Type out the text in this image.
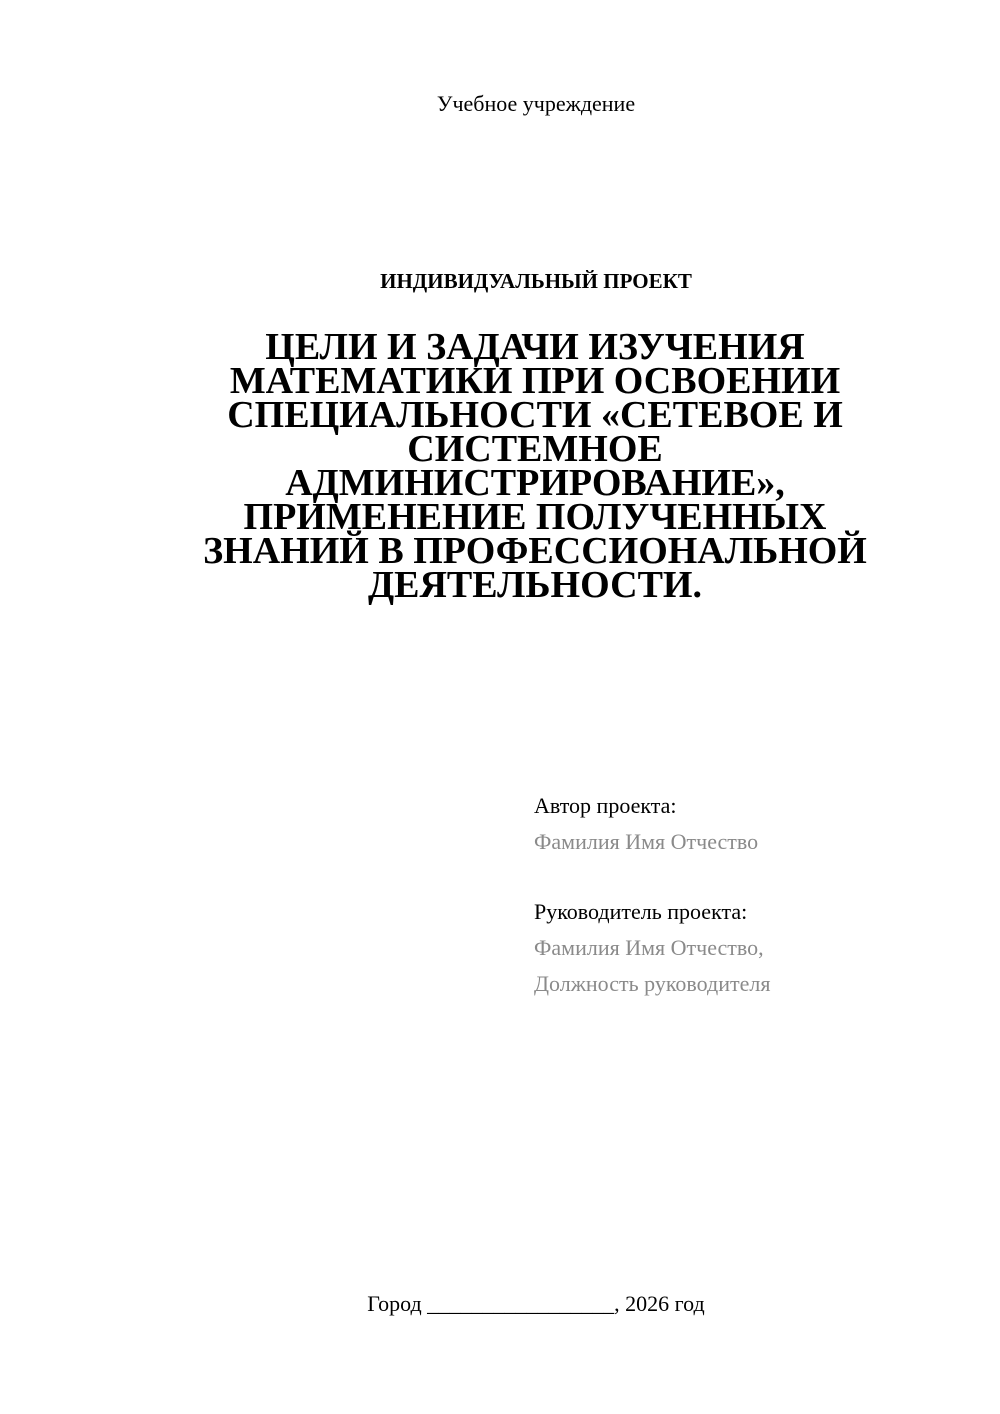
Учебное учреждение
ИНДИВИДУАЛЬНЫЙ ПРОЕКТ
ЦЕЛИ И ЗАДАЧИ ИЗУЧЕНИЯ
МАТЕМАТИКИ ПРИ ОСВОЕНИИ
СПЕЦИАЛЬНОСТИ «СЕТЕВОЕ И
СИСТЕМНОЕ
АДМИНИСТРИРОВАНИЕ»,
ПРИМЕНЕНИЕ ПОЛУЧЕННЫХ
ЗНАНИЙ В ПРОФЕССИОНАЛЬНОЙ
ДЕЯТЕЛЬНОСТИ.
Автор проекта:
Фамилия Имя Отчество
Руководитель проекта:
Фамилия Имя Отчество,
Должность руководителя
Город _________________, 2026 год
